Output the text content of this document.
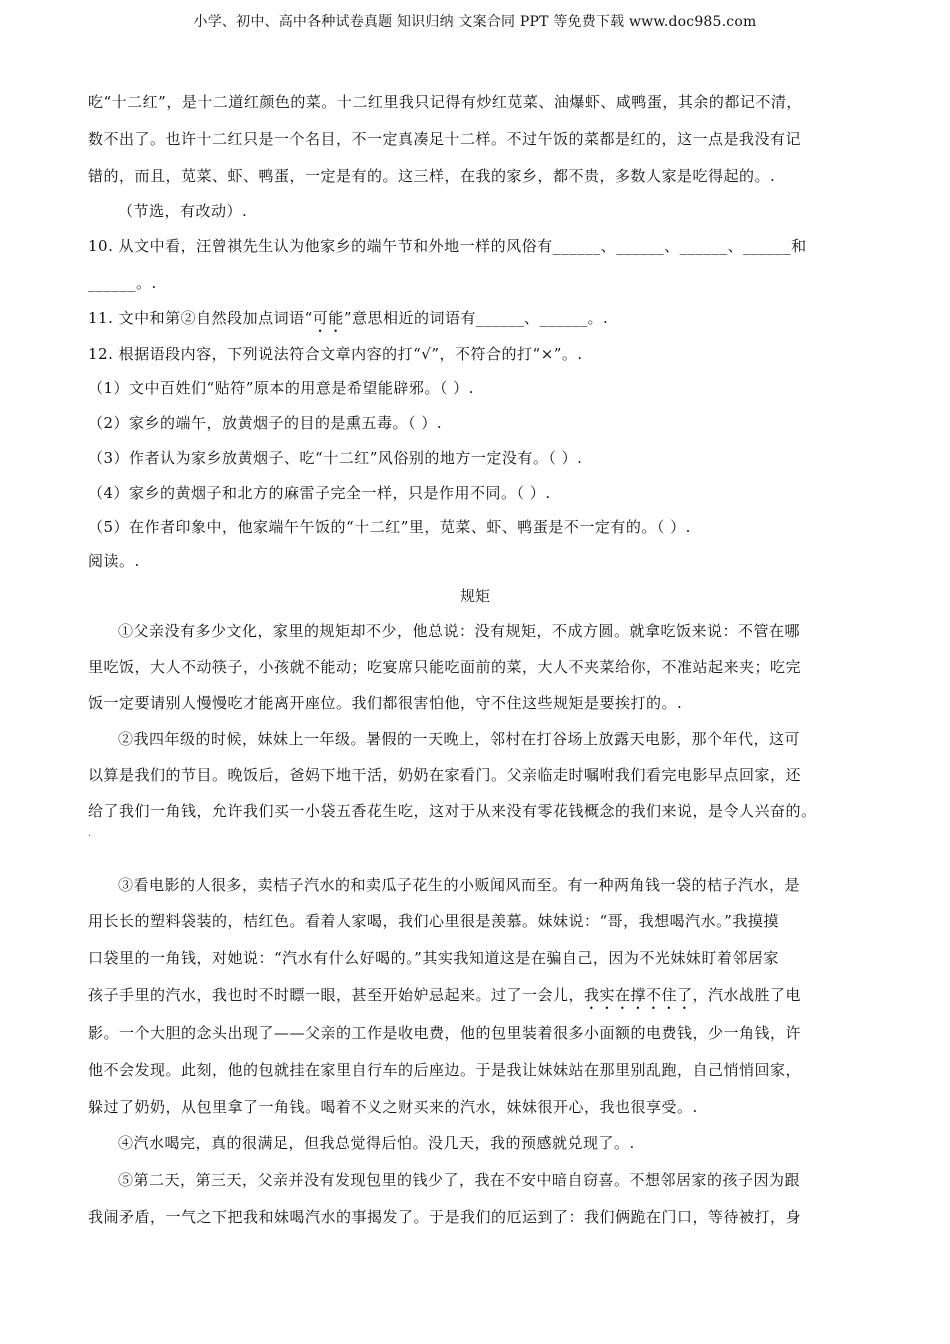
小学、初中、高中各种试卷真题 知识归纳 文案合同 PPT 等免费下载 www.doc985.com
吃“十二红”，是十二道红颜色的菜。十二红里我只记得有炒红苋菜、油爆虾、咸鸭蛋，其余的都记不清，
数不出了。也许十二红只是一个名目，不一定真凑足十二样。不过午饭的菜都是红的，这一点是我没有记
错的，而且，苋菜、虾、鸭蛋，一定是有的。这三样，在我的家乡，都不贵，多数人家是吃得起的。.
（节选，有改动）.
10. 从文中看，汪曾祺先生认为他家乡的端午节和外地一样的风俗有______、______、______、______和
______。.
11. 文中和第②自然段加点词语“可能”意思相近的词语有______、______。.
12. 根据语段内容，下列说法符合文章内容的打“√”，不符合的打“×”。.
（1）文中百姓们“贴符”原本的用意是希望能辟邪。（ ）.
（2）家乡的端午，放黄烟子的目的是熏五毒。（ ）.
（3）作者认为家乡放黄烟子、吃“十二红”风俗别的地方一定没有。（ ）.
（4）家乡的黄烟子和北方的麻雷子完全一样，只是作用不同。（ ）.
（5）在作者印象中，他家端午午饭的“十二红”里，苋菜、虾、鸭蛋是不一定有的。（ ）.
阅读。.
规矩
①父亲没有多少文化，家里的规矩却不少，他总说：没有规矩，不成方圆。就拿吃饭来说：不管在哪
里吃饭，大人不动筷子，小孩就不能动；吃宴席只能吃面前的菜，大人不夹菜给你，不准站起来夹；吃完
饭一定要请别人慢慢吃才能离开座位。我们都很害怕他，守不住这些规矩是要挨打的。.
②我四年级的时候，妹妹上一年级。暑假的一天晚上，邻村在打谷场上放露天电影，那个年代，这可
以算是我们的节目。晚饭后，爸妈下地干活，奶奶在家看门。父亲临走时嘱咐我们看完电影早点回家，还
给了我们一角钱，允许我们买一小袋五香花生吃，这对于从来没有零花钱概念的我们来说，是令人兴奋的。
.
③看电影的人很多，卖桔子汽水的和卖瓜子花生的小贩闻风而至。有一种两角钱一袋的桔子汽水，是
用长长的塑料袋装的，桔红色。看着人家喝，我们心里很是羡慕。妹妹说：“哥，我想喝汽水。”我摸摸
口袋里的一角钱，对她说：“汽水有什么好喝的。”其实我知道这是在骗自己，因为不光妹妹盯着邻居家
孩子手里的汽水，我也时不时瞟一眼，甚至开始妒忌起来。过了一会儿，我实在撑不住了，汽水战胜了电
影。一个大胆的念头出现了——父亲的工作是收电费，他的包里装着很多小面额的电费钱，少一角钱，许
他不会发现。此刻，他的包就挂在家里自行车的后座边。于是我让妹妹站在那里别乱跑，自己悄悄回家，
躲过了奶奶，从包里拿了一角钱。喝着不义之财买来的汽水，妹妹很开心，我也很享受。.
④汽水喝完，真的很满足，但我总觉得后怕。没几天，我的预感就兑现了。.
⑤第二天，第三天，父亲并没有发现包里的钱少了，我在不安中暗自窃喜。不想邻居家的孩子因为跟
我闹矛盾，一气之下把我和妹喝汽水的事揭发了。于是我们的厄运到了：我们俩跪在门口，等待被打，身
